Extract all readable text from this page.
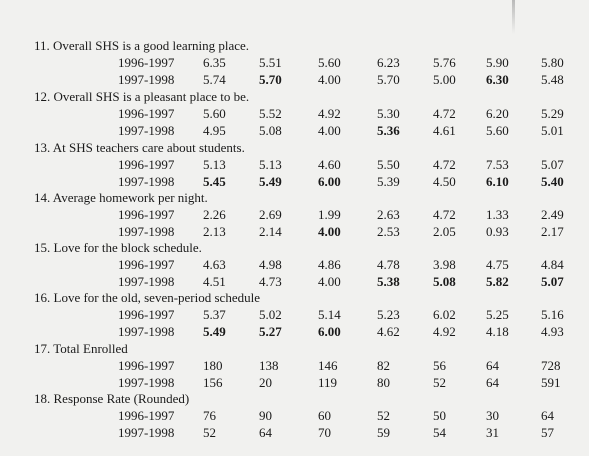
11. Overall SHS is a good learning place.
1996-1997 6.35	5.51	5.60	6.23	5.76 5.90 5.80
1997-1998 5.74	5.70	4.00	5.70	5.00 6.30 5.48
12. Overall SHS is a pleasant place to be.
1996-1997 5.60	5.52	4.92	5.30	4.72 6.20 5.29
1997-1998 4.95	5.08	4.00	5.36	4.61 5.60 5.01
13. At SHS teachers care about students.
1996-1997 5.13	5.13	4.60	5.50	4.72 7.53 5.07
1997-1998 5.45	5.49	6.00	5.39	4.50 6.10 5.40
14. Average homework per night.
1996-1997 2.26	2.69	1.99	2.63	4.72 1.33 2.49
1997-1998 2.13	2.14	4.00	2.53	2.05 0.93 2.17
15. Love for the block schedule.
1996-1997 4.63	4.98	4.86	4.78	3.98 4.75 4.84
1997-1998 4.51	4.73	4.00	5.38	5.08 5.82 5.07
16. Love for the old, seven-period schedule
1996-1997 5.37	5.02	5.14	5.23	6.02 5.25 5.16
1997-1998 5.49	5.27	6.00	4.62	4.92 4.18 4.93
17. Total Enrolled
1996-1997 180	138	146	82	56	64	728
1997-1998 156	20	119	80	52	64	591
18. Response Rate (Rounded)
1996-1997 76	90	60	52	50	30	64
1997-1998 52	64	70	59	54	31	57
